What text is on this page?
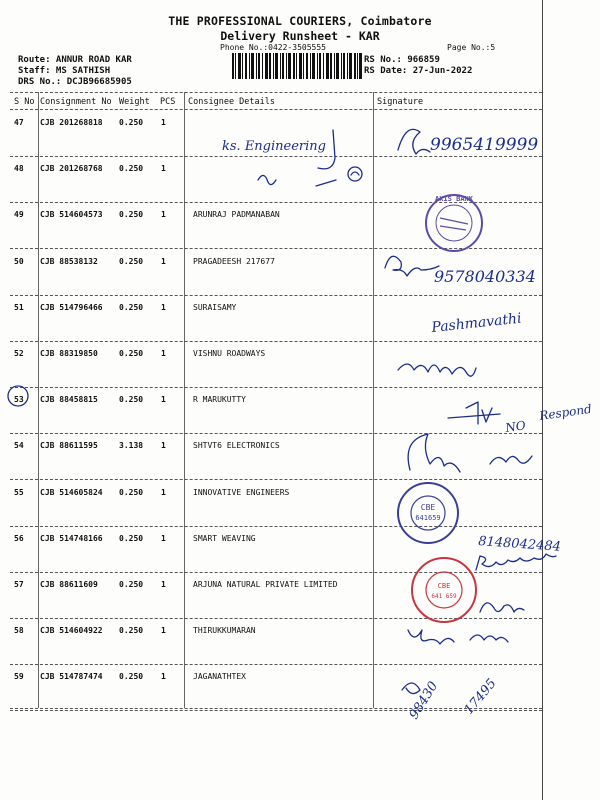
THE PROFESSIONAL COURIERS, Coimbatore
Delivery Runsheet - KAR
Phone No.:0422-3505555	Page No.:5
Route: ANNUR ROAD KAR
Staff: MS SATHISH
DRS No.: DCJB96685905
RS No.: 966859
RS Date: 27-Jun-2022
S No Consignment No Weight PCS Consignee Details	Signature
47 CJB 201268818 0.250 1
48 CJB 201268768 0.250 1
49 CJB 514604573 0.250 1	ARUNRAJ PADMANABAN
50 CJB 88538132	0.250 1	PRAGADEESH 217677
51 CJB 514796466 0.250 1	SURAISAMY
52 CJB 88319850	0.250 1	VISHNU ROADWAYS
53 CJB 88458815	0.250 1	R MARUKUTTY
54 CJB 88611595	3.138 1	SHTVT6 ELECTRONICS
55 CJB 514605824 0.250 1	INNOVATIVE ENGINEERS
56 CJB 514748166 0.250 1	SMART WEAVING
57 CJB 88611609	0.250 1	ARJUNA NATURAL PRIVATE LIMITED
58 CJB 514604922 0.250 1	THIRUKKUMARAN
59 CJB 514787474 0.250 1	JAGANATHTEX
ks. Engineering	9965419999
9578040334
Pashmavathi
NO
Respond
CBE
641659
AXIS BANK
8148042484
CBE
641 659
98430 17495
